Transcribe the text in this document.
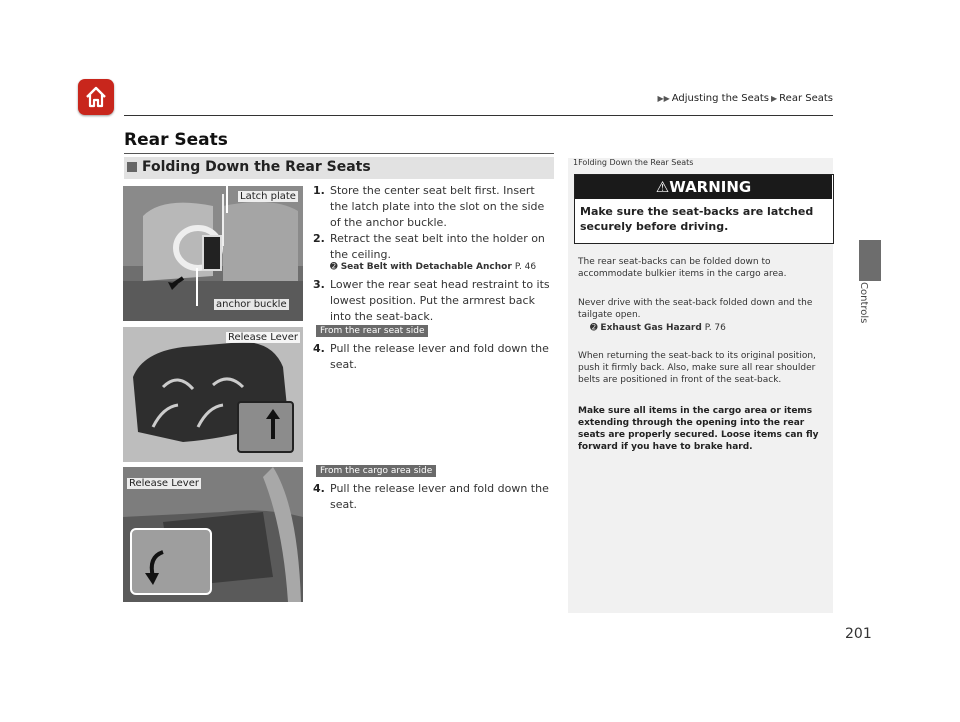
▶▶ Adjusting the Seats ▶ Rear Seats
Rear Seats
Folding Down the Rear Seats
Controls
Latch plate
anchor buckle
Release Lever
Release Lever
1. Store the center seat belt first. Insert the latch plate into the slot on the side of the anchor buckle.
2. Retract the seat belt into the holder on the ceiling.
➋ Seat Belt with Detachable Anchor P. 46
3. Lower the rear seat head restraint to its lowest position. Put the armrest back into the seat-back.
From the rear seat side
4. Pull the release lever and fold down the seat.
From the cargo area side
4. Pull the release lever and fold down the seat.
1Folding Down the Rear Seats
⚠WARNING
Make sure the seat-backs are latched securely before driving.
The rear seat-backs can be folded down to accommodate bulkier items in the cargo area.
Never drive with the seat-back folded down and the tailgate open.
➋ Exhaust Gas Hazard P. 76
When returning the seat-back to its original position, push it firmly back. Also, make sure all rear shoulder belts are positioned in front of the seat-back.
Make sure all items in the cargo area or items extending through the opening into the rear seats are properly secured. Loose items can fly forward if you have to brake hard.
201
